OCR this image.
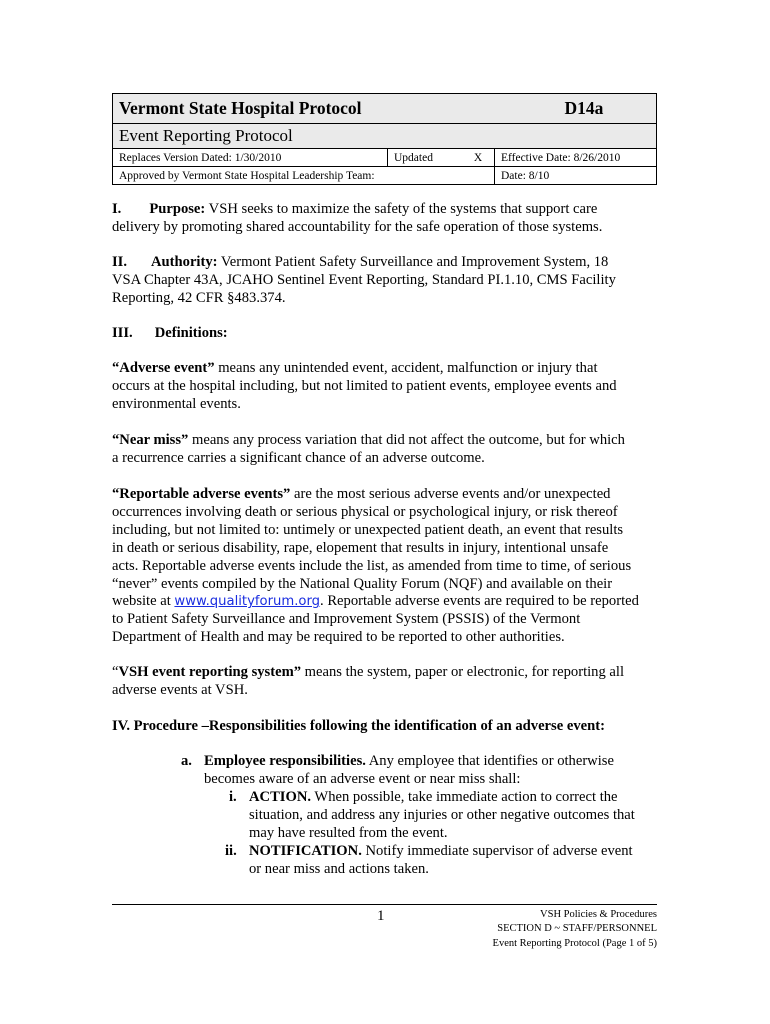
Vermont State Hospital Protocol			D14a
Event Reporting Protocol			
Replaces Version Dated: 1/30/2010	Updated	X	Effective Date: 8/26/2010
Approved by Vermont State Hospital Leadership Team:			Date: 8/10

I. Purpose: VSH seeks to maximize the safety of the systems that support care
delivery by promoting shared accountability for the safe operation of those systems.

II. Authority: Vermont Patient Safety Surveillance and Improvement System, 18
VSA Chapter 43A, JCAHO Sentinel Event Reporting, Standard PI.1.10, CMS Facility
Reporting, 42 CFR §483.374.

III. Definitions:

“Adverse event” means any unintended event, accident, malfunction or injury that
occurs at the hospital including, but not limited to patient events, employee events and
environmental events.

“Near miss” means any process variation that did not affect the outcome, but for which
a recurrence carries a significant chance of an adverse outcome.

“Reportable adverse events” are the most serious adverse events and/or unexpected
occurrences involving death or serious physical or psychological injury, or risk thereof
including, but not limited to: untimely or unexpected patient death, an event that results
in death or serious disability, rape, elopement that results in injury, intentional unsafe
acts. Reportable adverse events include the list, as amended from time to time, of serious
“never” events compiled by the National Quality Forum (NQF) and available on their
website at www.qualityforum.org. Reportable adverse events are required to be reported
to Patient Safety Surveillance and Improvement System (PSSIS) of the Vermont
Department of Health and may be required to be reported to other authorities.

“VSH event reporting system” means the system, paper or electronic, for reporting all
adverse events at VSH.

IV. Procedure –Responsibilities following the identification of an adverse event:

a. Employee responsibilities. Any employee that identifies or otherwise
becomes aware of an adverse event or near miss shall:

i. ACTION. When possible, take immediate action to correct the
situation, and address any injuries or other negative outcomes that
may have resulted from the event.

ii. NOTIFICATION. Notify immediate supervisor of adverse event
or near miss and actions taken.

1	VSH Policies & Procedures
SECTION D ~ STAFF/PERSONNEL
Event Reporting Protocol (Page 1 of 5)
